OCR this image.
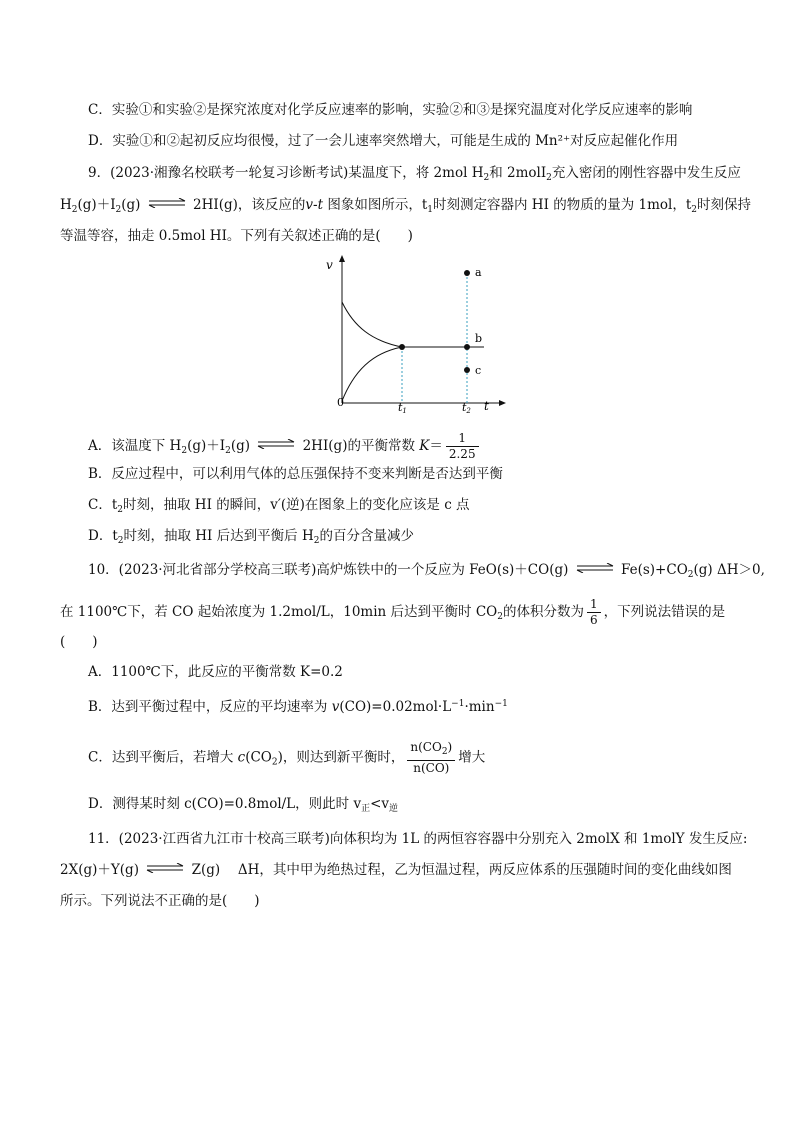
C．实验①和实验②是探究浓度对化学反应速率的影响，实验②和③是探究温度对化学反应速率的影响
D．实验①和②起初反应均很慢，过了一会儿速率突然增大，可能是生成的 Mn²⁺对反应起催化作用
9．(2023·湘豫名校联考一轮复习诊断考试)某温度下，将 2mol $H_2$和 2molI$_2$充入密闭的刚性容器中发生反应
$H_2(g)+I_2(g)$ ⇌ 2HI(g)，该反应的v-t 图象如图所示，$t_1$时刻测定容器内 HI 的物质的量为 1mol，$t_2$时刻保持
等温等容，抽走 0.5mol HI。下列有关叙述正确的是(　　)
v
t
0
a
b
c
t1	t2
A．该温度下 $H_2(g)+I_2(g)$ ⇌ 2HI(g)的平衡常数 $K= \frac{1}{2.25}$
B．反应过程中，可以利用气体的总压强保持不变来判断是否达到平衡
C．$t_2$时刻，抽取 HI 的瞬间，v′(逆)在图象上的变化应该是 c 点
D．$t_2$时刻，抽取 HI 后达到平衡后 $H_2$的百分含量减少
10．(2023·河北省部分学校高三联考)高炉炼铁中的一个反应为 FeO(s)＋CO(g) ⇌ $Fe(s)+CO_2(g)$ ΔH＞0,
在 1100℃下，若 CO 起始浓度为 1.2mol/L，10min 后达到平衡时 $CO_2$的体积分数为 $\frac{1}{6}$ ，下列说法错误的是
(　　)
A．1100℃下，此反应的平衡常数 K=0.2
B．达到平衡过程中，反应的平均速率为 $v(CO)=0.02mol\cdot L^{-1}\cdot\min^{-1}$
C．达到平衡后，若增大 $c(CO_2)$，则达到新平衡时， $\frac{n(CO_2)}{n(CO)}$ 增大
D．测得某时刻 c(CO)=0.8mol/L，则此时 $v_正<v_逆$
11．(2023·江西省九江市十校高三联考)向体积均为 1L 的两恒容容器中分别充入 2molX 和 1molY 发生反应:
2X(g)＋Y(g) ⇌ Z(g)　 ΔH，其中甲为绝热过程，乙为恒温过程，两反应体系的压强随时间的变化曲线如图
所示。下列说法不正确的是(　　)
